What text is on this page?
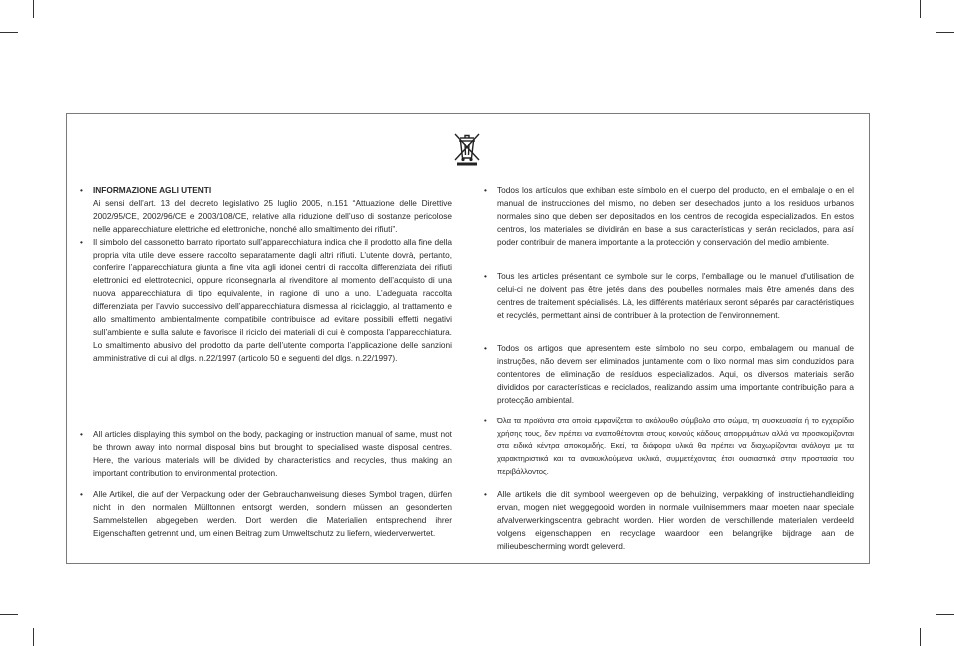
• INFORMAZIONE AGLI UTENTI

Ai sensi dell’art. 13 del decreto legislativo 25 luglio 2005, n.151 “Attuazione delle Direttive 2002/95/CE, 2002/96/CE e 2003/108/CE, relative alla riduzione dell’uso di sostanze pericolose nelle apparecchiature elettriche ed elettroniche, nonché allo smaltimento dei rifiuti”.

• Il simbolo del cassonetto barrato riportato sull’apparecchiatura indica che il prodotto alla fine della propria vita utile deve essere raccolto separatamente dagli altri rifiuti. L’utente dovrà, pertanto, conferire l’apparecchiatura giunta a fine vita agli idonei centri di raccolta differenziata dei rifiuti elettronici ed elettrotecnici, oppure riconsegnarla al rivenditore al momento dell’acquisto di una nuova apparecchiatura di tipo equivalente, in ragione di uno a uno. L’adeguata raccolta differenziata per l’avvio successivo dell’apparecchiatura dismessa al riciclaggio, al trattamento e allo smaltimento ambientalmente compatibile contribuisce ad evitare possibili effetti negativi sull’ambiente e sulla salute e favorisce il riciclo dei materiali di cui è composta l’apparecchiatura. Lo smaltimento abusivo del prodotto da parte dell’utente comporta l’applicazione delle sanzioni amministrative di cui al dlgs. n.22/1997 (articolo 50 e seguenti del dlgs. n.22/1997).

• All articles displaying this symbol on the body, packaging or instruction manual of same, must not be thrown away into normal disposal bins but brought to specialised waste disposal centres. Here, the various materials will be divided by characteristics and recycles, thus making an important contribution to environmental protection.

• Alle Artikel, die auf der Verpackung oder der Gebrauchanweisung dieses Symbol tragen, dürfen nicht in den normalen Mülltonnen entsorgt werden, sondern müssen an gesonderten Sammelstellen abgegeben werden. Dort werden die Materialien entsprechend ihrer Eigenschaften getrennt und, um einen Beitrag zum Umweltschutz zu liefern, wiederverwertet.

• Todos los artículos que exhiban este símbolo en el cuerpo del producto, en el embalaje o en el manual de instrucciones del mismo, no deben ser desechados junto a los residuos urbanos normales sino que deben ser depositados en los centros de recogida especializados. En estos centros, los materiales se dividirán en base a sus características y serán reciclados, para así poder contribuir de manera importante a la protección y conservación del medio ambiente.

• Tous les articles présentant ce symbole sur le corps, l'emballage ou le manuel d'utilisation de celui-ci ne doivent pas être jetés dans des poubelles normales mais être amenés dans des centres de traitement spécialisés. Là, les différents matériaux seront séparés par caractéristiques et recyclés, permettant ainsi de contribuer à la protection de l'environnement.

• Todos os artigos que apresentem este símbolo no seu corpo, embalagem ou manual de instruções, não devem ser eliminados juntamente com o lixo normal mas sim conduzidos para contentores de eliminação de resíduos especializados. Aqui, os diversos materiais serão divididos por características e reciclados, realizando assim uma importante contribuição para a protecção ambiental.

• Όλα τα προϊόντα στα οποία εμφανίζεται το ακόλουθο σύμβολο στο σώμα, τη συσκευασία ή το εγχειρίδιο χρήσης τους, δεν πρέπει να εναποθέτονται στους κοινούς κάδους απορριμάτων αλλά να προσκομίζονται στα ειδικά κέντρα αποκομιδής. Εκεί, τα διάφορα υλικά θα πρέπει να διαχωρίζονται ανάλογα με τα χαρακτηριστικά και τα ανακυκλούμενα υκλικά, συμμετέχοντας έτσι ουσιαστικά στην προστασία του περιβάλλοντος.

• Alle artikels die dit symbool weergeven op de behuizing, verpakking of instructiehandleiding ervan, mogen niet weggegooid worden in normale vuilnisemmers maar moeten naar speciale afvalverwerkingscentra gebracht worden. Hier worden de verschillende materialen verdeeld volgens eigenschappen en recyclage waardoor een belangrijke bijdrage aan de milieubescherming wordt geleverd.
